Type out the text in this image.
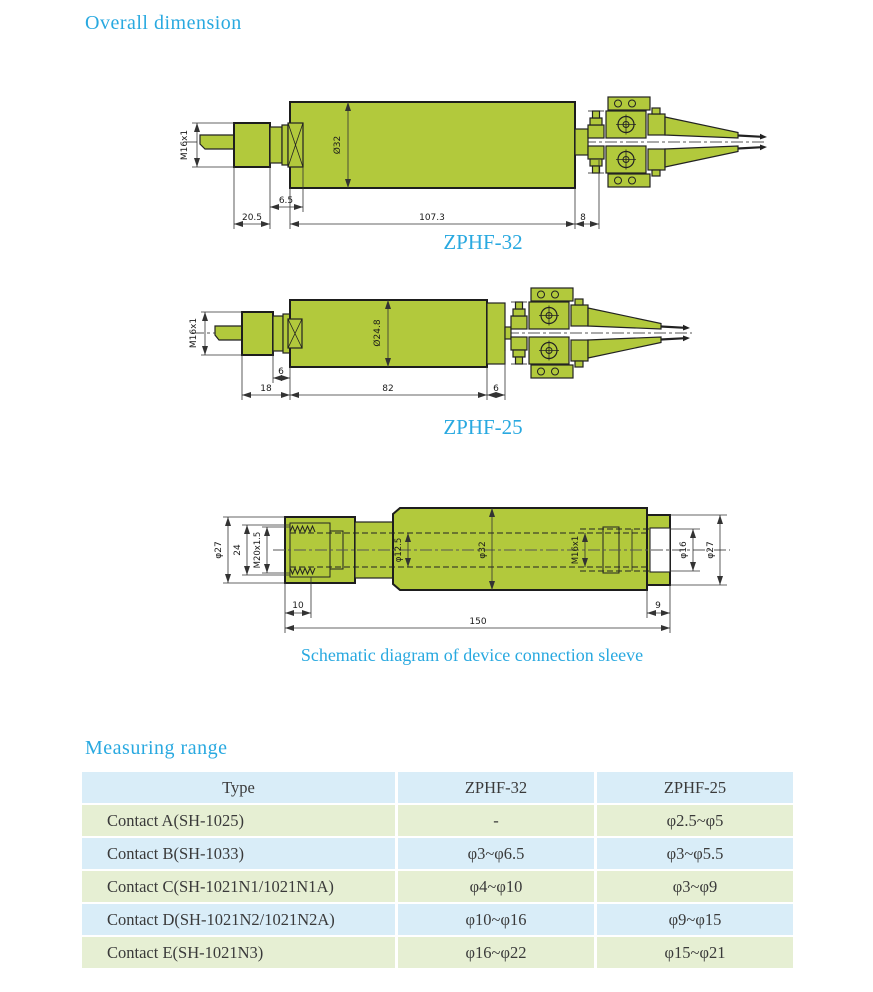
Overall dimension
Ø32
M16x1
6.5
20.5	107.3	8
ZPHF-32
Ø24.8
M16x1
6
18	82	6
ZPHF-25
φ27 24 M20x1.5	φ12.5	φ32	M16x1	φ16 φ27
10	9
150
Schematic diagram of device connection sleeve
Measuring range
Type	ZPHF-32	ZPHF-25
Contact A(SH-1025)	-	φ2.5~φ5
Contact B(SH-1033)	φ3~φ6.5	φ3~φ5.5
Contact C(SH-1021N1/1021N1A)	φ4~φ10	φ3~φ9
Contact D(SH-1021N2/1021N2A)	φ10~φ16	φ9~φ15
Contact E(SH-1021N3)	φ16~φ22	φ15~φ21
